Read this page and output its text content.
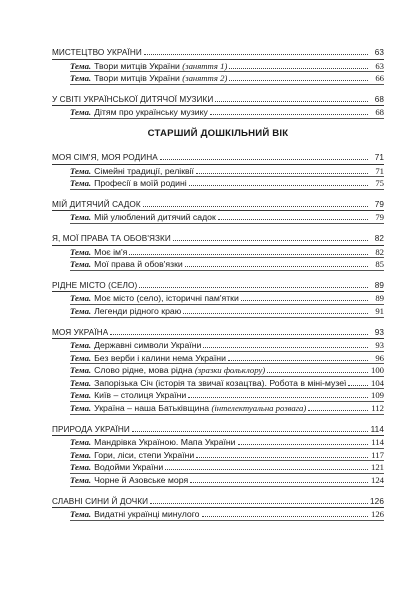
МИСТЕЦТВО УКРАЇНИ	63
Тема. Твори митців України (заняття 1)	63
Тема. Твори митців України (заняття 2)	66
У СВІТІ УКРАЇНСЬКОЇ ДИТЯЧОЇ МУЗИКИ	68
Тема. Дітям про українську музику	68
СТАРШИЙ ДОШКІЛЬНИЙ ВІК
МОЯ СІМ'Я, МОЯ РОДИНА	71
Тема. Сімейні традиції, реліквії	71
Тема. Професії в моїй родині	75
МІЙ ДИТЯЧИЙ САДОК	79
Тема. Мій улюблений дитячий садок	79
Я, МОЇ ПРАВА ТА ОБОВ'ЯЗКИ	82
Тема. Моє ім'я	82
Тема. Мої права й обов'язки	85
РІДНЕ МІСТО (СЕЛО)	89
Тема. Моє місто (село), історичні пам'ятки	89
Тема. Легенди рідного краю	91
МОЯ УКРАЇНА	93
Тема. Державні символи України	93
Тема. Без верби і калини нема України	96
Тема. Слово рідне, мова рідна (зразки фольклору)	100
Тема. Запорізька Січ (історія та звичаї козацтва). Робота в міні-музеї	104
Тема. Київ – столиця України	109
Тема. Україна – наша Батьківщина (інтелектуальна розвага)	112
ПРИРОДА УКРАЇНИ	114
Тема. Мандрівка Україною. Мапа України	114
Тема. Гори, ліси, степи України	117
Тема. Водойми України	121
Тема. Чорне й Азовське моря	124
СЛАВНІ СИНИ Й ДОЧКИ	126
Тема. Видатні українці минулого	126
